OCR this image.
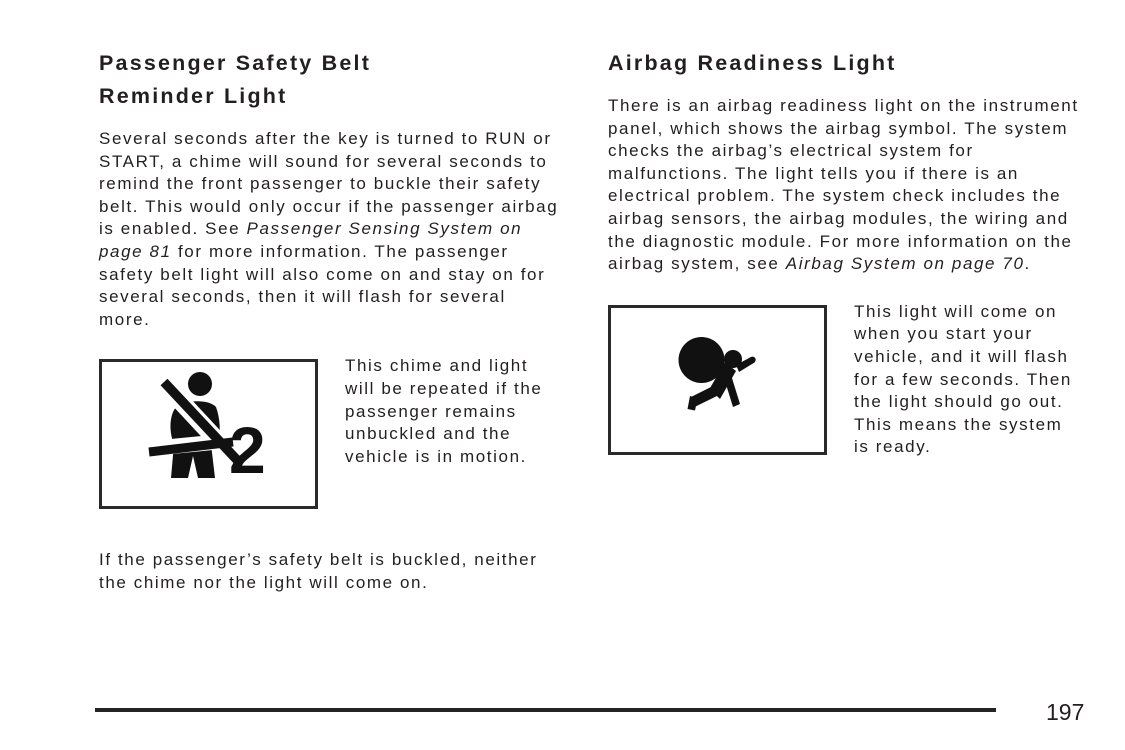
Passenger Safety Belt
Reminder Light

Several seconds after the key is turned to RUN or START, a chime will sound for several seconds to remind the front passenger to buckle their safety belt. This would only occur if the passenger airbag is enabled. See Passenger Sensing System on page 81 for more information. The passenger safety belt light will also come on and stay on for several seconds, then it will flash for several more.

2

This chime and light will be repeated if the passenger remains unbuckled and the vehicle is in motion.

If the passenger’s safety belt is buckled, neither the chime nor the light will come on.

Airbag Readiness Light

There is an airbag readiness light on the instrument panel, which shows the airbag symbol. The system checks the airbag’s electrical system for malfunctions. The light tells you if there is an electrical problem. The system check includes the airbag sensors, the airbag modules, the wiring and the diagnostic module. For more information on the airbag system, see Airbag System on page 70.

This light will come on when you start your vehicle, and it will flash for a few seconds. Then the light should go out. This means the system is ready.

197
